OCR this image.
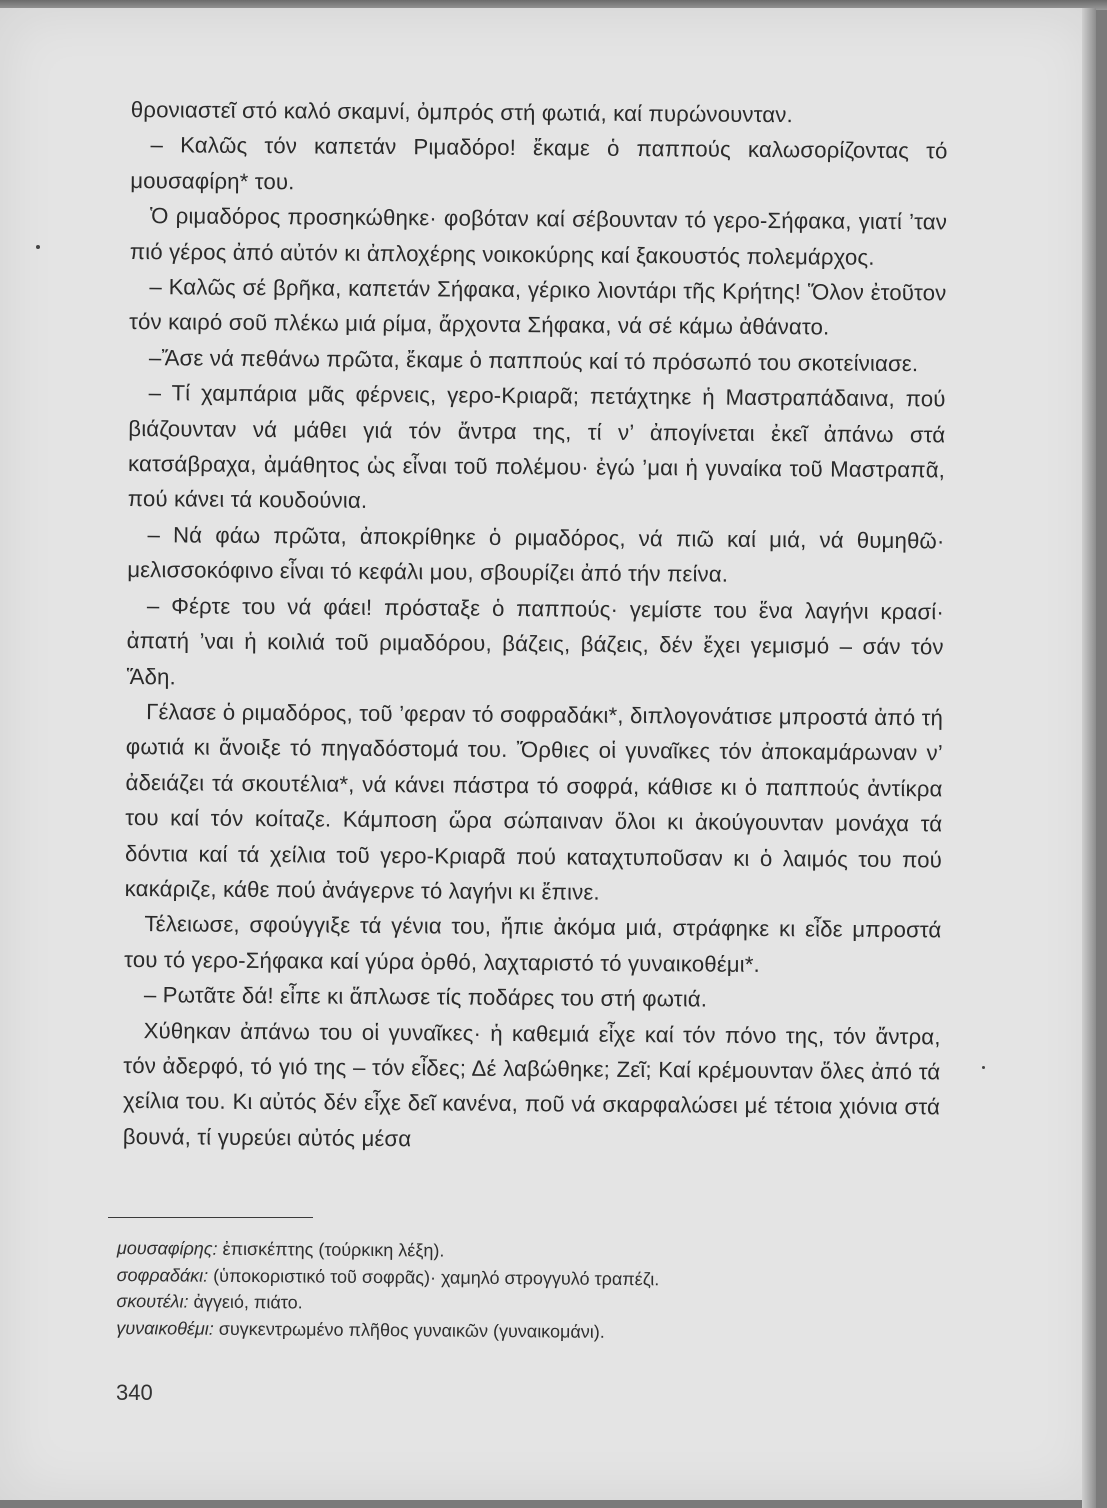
θρονιαστεῖ στό καλό σκαμνί, ὀμπρός στή φωτιά, καί πυρώνουνταν.

– Καλῶς τόν καπετάν Ριμαδόρο! ἔκαμε ὁ παππούς καλωσορίζοντας τό μουσαφίρη* του.

Ὁ ριμαδόρος προσηκώθηκε· φοβόταν καί σέβουνταν τό γερο-Σήφακα, γιατί ’ταν πιό γέρος ἀπό αὐτόν κι ἀπλοχέρης νοικοκύρης καί ξακουστός πολεμάρχος.

– Καλῶς σέ βρῆκα, καπετάν Σήφακα, γέρικο λιοντάρι τῆς Κρήτης! Ὅλον ἐτοῦτον τόν καιρό σοῦ πλέκω μιά ρίμα, ἄρχοντα Σήφακα, νά σέ κάμω ἀθάνατο.

–Ἄσε νά πεθάνω πρῶτα, ἔκαμε ὁ παππούς καί τό πρόσωπό του σκοτείνιασε.

– Τί χαμπάρια μᾶς φέρνεις, γερο-Κριαρᾶ; πετάχτηκε ἡ Μαστραπάδαινα, πού βιάζουνταν νά μάθει γιά τόν ἄντρα της, τί ν’ ἀπογίνεται ἐκεῖ ἀπάνω στά κατσάβραχα, ἀμάθητος ὡς εἶναι τοῦ πολέμου· ἐγώ ’μαι ἡ γυναίκα τοῦ Μαστραπᾶ, πού κάνει τά κουδούνια.

– Νά φάω πρῶτα, ἀποκρίθηκε ὁ ριμαδόρος, νά πιῶ καί μιά, νά θυμηθῶ· μελισσοκόφινο εἶναι τό κεφάλι μου, σβουρίζει ἀπό τήν πείνα.

– Φέρτε του νά φάει! πρόσταξε ὁ παππούς· γεμίστε του ἕνα λαγήνι κρασί· ἀπατή ’ναι ἡ κοιλιά τοῦ ριμαδόρου, βάζεις, βάζεις, δέν ἔχει γεμισμό – σάν τόν Ἅδη.

Γέλασε ὁ ριμαδόρος, τοῦ ’φεραν τό σοφραδάκι*, διπλογονάτισε μπροστά ἀπό τή φωτιά κι ἄνοιξε τό πηγαδόστομά του. Ὄρθιες οἱ γυναῖκες τόν ἀποκαμάρωναν ν’ ἀδειάζει τά σκουτέλια*, νά κάνει πάστρα τό σοφρά, κάθισε κι ὁ παππούς ἀντίκρα του καί τόν κοίταζε. Κάμποση ὥρα σώπαιναν ὅλοι κι ἀκούγουνταν μονάχα τά δόντια καί τά χείλια τοῦ γερο-Κριαρᾶ πού καταχτυποῦσαν κι ὁ λαιμός του πού κακάριζε, κάθε πού ἀνάγερνε τό λαγήνι κι ἔπινε.

Τέλειωσε, σφούγγιξε τά γένια του, ἤπιε ἀκόμα μιά, στράφηκε κι εἶδε μπροστά του τό γερο-Σήφακα καί γύρα ὀρθό, λαχταριστό τό γυναικοθέμι*.

– Ρωτᾶτε δά! εἶπε κι ἅπλωσε τίς ποδάρες του στή φωτιά.

Χύθηκαν ἀπάνω του οἱ γυναῖκες· ἡ καθεμιά εἶχε καί τόν πόνο της, τόν ἄντρα, τόν ἀδερφό, τό γιό της – τόν εἶδες; Δέ λαβώθηκε; Ζεῖ; Καί κρέμουνταν ὅλες ἀπό τά χείλια του. Κι αὐτός δέν εἶχε δεῖ κανένα, ποῦ νά σκαρφαλώσει μέ τέτοια χιόνια στά βουνά, τί γυρεύει αὐτός μέσα

μουσαφίρης: ἐπισκέπτης (τούρκικη λέξη).
σοφραδάκι: (ὑποκοριστικό τοῦ σοφρᾶς)· χαμηλό στρογγυλό τραπέζι.
σκουτέλι: ἀγγειό, πιάτο.
γυναικοθέμι: συγκεντρωμένο πλῆθος γυναικῶν (γυναικομάνι).
340
